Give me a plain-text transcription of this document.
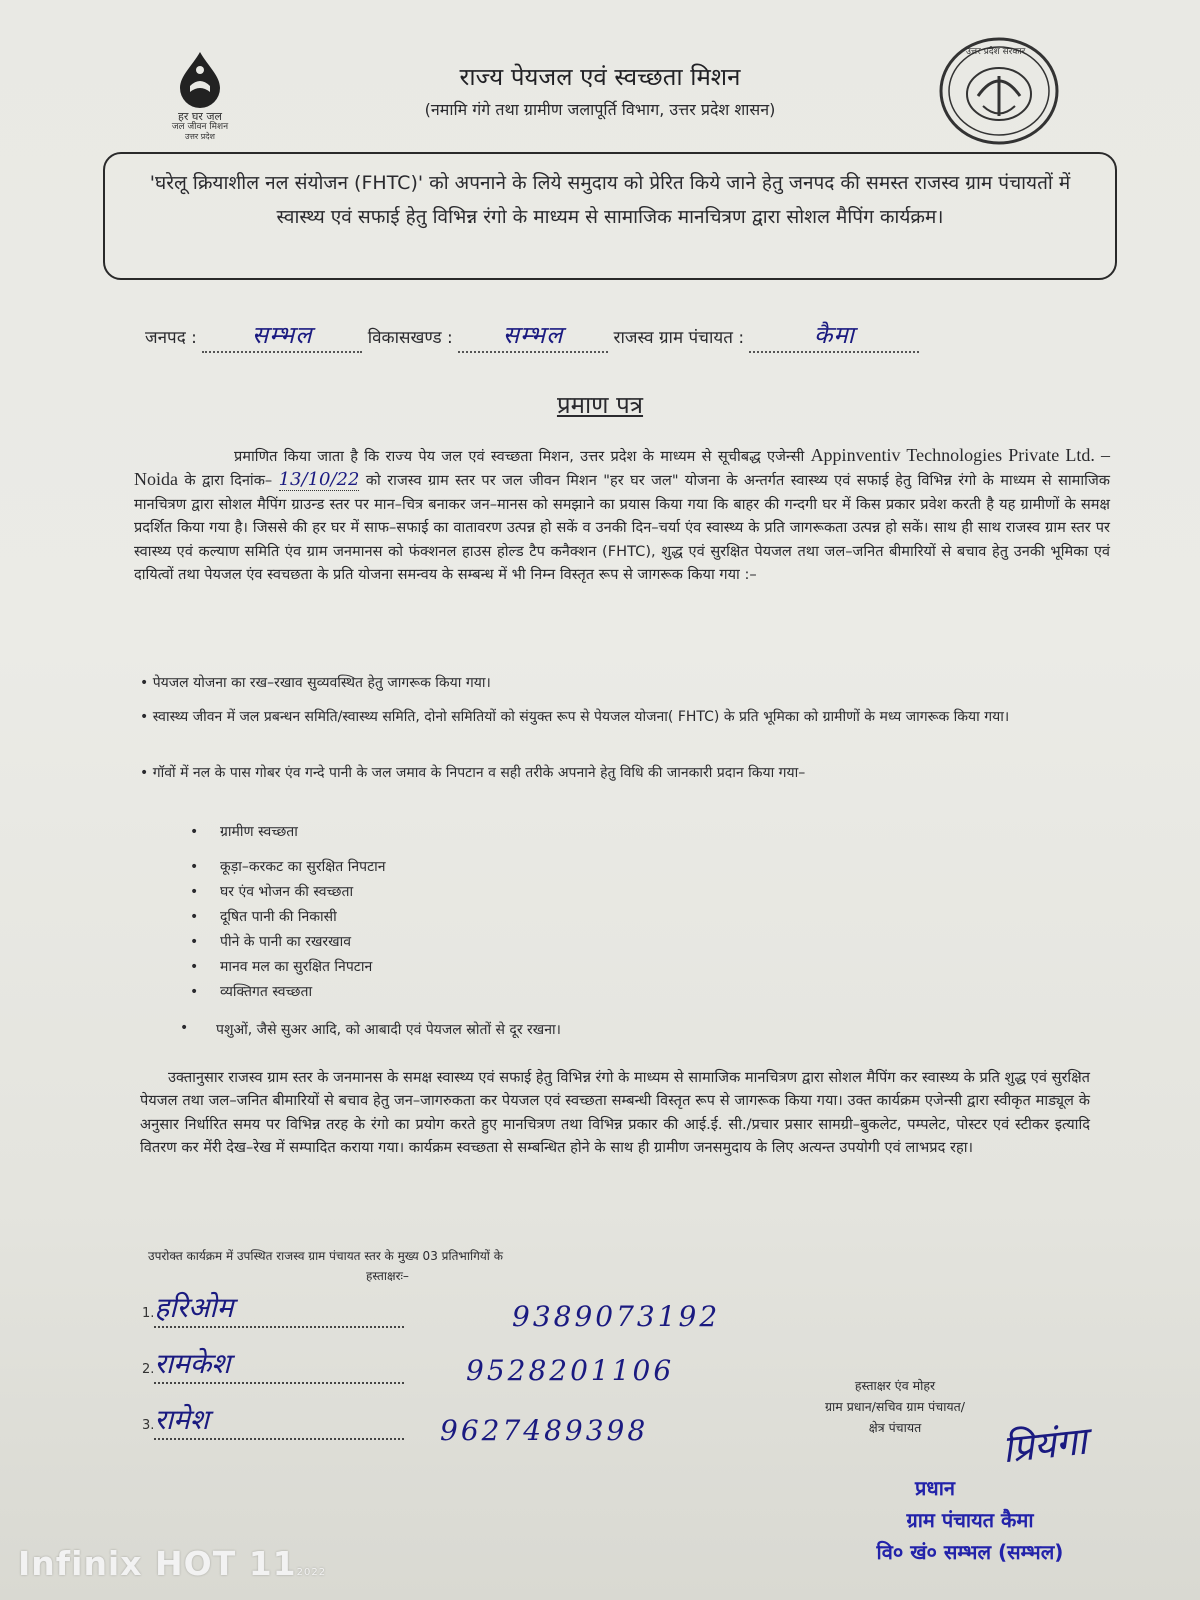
हर घर जल
जल जीवन मिशन
उत्तर प्रदेश
राज्य पेयजल एवं स्वच्छता मिशन
(नमामि गंगे तथा ग्रामीण जलापूर्ति विभाग, उत्तर प्रदेश शासन)
उत्तर प्रदेश सरकार

'घरेलू क्रियाशील नल संयोजन (FHTC)' को अपनाने के लिये समुदाय को प्रेरित किये जाने हेतु जनपद की समस्त राजस्व ग्राम पंचायतों में स्वास्थ्य एवं सफाई हेतु विभिन्न रंगो के माध्यम से सामाजिक मानचित्रण द्वारा सोशल मैपिंग कार्यक्रम।

जनपद : सम्भल	विकासखण्ड : सम्भल	राजस्व ग्राम पंचायत :	कैमा
प्रमाण पत्र
प्रमाणित किया जाता है कि राज्य पेय जल एवं स्वच्छता मिशन, उत्तर प्रदेश के माध्यम से सूचीबद्ध एजेन्सी Appinventiv Technologies Private Ltd. – Noida के द्वारा दिनांक– 13/10/22 को राजस्व ग्राम स्तर पर जल जीवन मिशन "हर घर जल" योजना के अन्तर्गत स्वास्थ्य एवं सफाई हेतु विभिन्न रंगो के माध्यम से सामाजिक मानचित्रण द्वारा सोशल मैपिंग ग्राउन्ड स्तर पर मान–चित्र बनाकर जन–मानस को समझाने का प्रयास किया गया कि बाहर की गन्दगी घर में किस प्रकार प्रवेश करती है यह ग्रामीणों के समक्ष प्रदर्शित किया गया है। जिससे की हर घर में साफ–सफाई का वातावरण उत्पन्न हो सकें व उनकी दिन–चर्या एंव स्वास्थ्य के प्रति जागरूकता उत्पन्न हो सकें। साथ ही साथ राजस्व ग्राम स्तर पर स्वास्थ्य एवं कल्याण समिति एंव ग्राम जनमानस को फंक्शनल हाउस होल्ड टैप कनैक्शन (FHTC), शुद्ध एवं सुरक्षित पेयजल तथा जल–जनित बीमारियों से बचाव हेतु उनकी भूमिका एवं दायित्वों तथा पेयजल एंव स्वचछता के प्रति योजना समन्वय के सम्बन्ध में भी निम्न विस्तृत रूप से जागरूक किया गया :–
• पेयजल योजना का रख–रखाव सुव्यवस्थित हेतु जागरूक किया गया।
• स्वास्थ्य जीवन में जल प्रबन्धन समिति/स्वास्थ्य समिति, दोनो समितियों को संयुक्त रूप से पेयजल योजना( FHTC) के प्रति भूमिका को ग्रामीणों के मध्य जागरूक किया गया।
• गॉवों में नल के पास गोबर एंव गन्दे पानी के जल जमाव के निपटान व सही तरीके अपनाने हेतु विधि की जानकारी प्रदान किया गया–
•	ग्रामीण स्वच्छता
•	कूड़ा–करकट का सुरक्षित निपटान
•	घर एंव भोजन की स्वच्छता
•	दूषित पानी की निकासी
•	पीने के पानी का रखरखाव
•	मानव मल का सुरक्षित निपटान
•	व्यक्तिगत स्वच्छता
•	पशुओं, जैसे सुअर आदि, को आबादी एवं पेयजल स्रोतों से दूर रखना।
उक्तानुसार राजस्व ग्राम स्तर के जनमानस के समक्ष स्वास्थ्य एवं सफाई हेतु विभिन्न रंगो के माध्यम से सामाजिक मानचित्रण द्वारा सोशल मैपिंग कर स्वास्थ्य के प्रति शुद्ध एवं सुरक्षित पेयजल तथा जल–जनित बीमारियों से बचाव हेतु जन–जागरुकता कर पेयजल एवं स्वच्छता सम्बन्धी विस्तृत रूप से जागरूक किया गया। उक्त कार्यक्रम एजेन्सी द्वारा स्वीकृत माड्यूल के अनुसार निर्धारित समय पर विभिन्न तरह के रंगो का प्रयोग करते हुए मानचित्रण तथा विभिन्न प्रकार की आई.ई. सी./प्रचार प्रसार सामग्री–बुकलेट, पम्पलेट, पोस्टर एवं स्टीकर इत्यादि वितरण कर मेंरी देख–रेख में सम्पादित कराया गया। कार्यक्रम स्वच्छता से सम्बन्धित होने के साथ ही ग्रामीण जनसमुदाय के लिए अत्यन्त उपयोगी एवं लाभप्रद रहा।
उपरोक्त कार्यक्रम में उपस्थित राजस्व ग्राम पंचायत स्तर के मुख्य 03 प्रतिभागियों के
हस्ताक्षरः–
1.हरिओम	9389073192
2.रामकेश	9528201106
3.रामेश	9627489398
हस्ताक्षर एंव मोहर
ग्राम प्रधान/सचिव ग्राम पंचायत/
क्षेत्र पंचायत	प्रियंगा
प्रधान
ग्राम पंचायत कैमा
वि० खं० सम्भल (सम्भल)
Infinix HOT 112022
